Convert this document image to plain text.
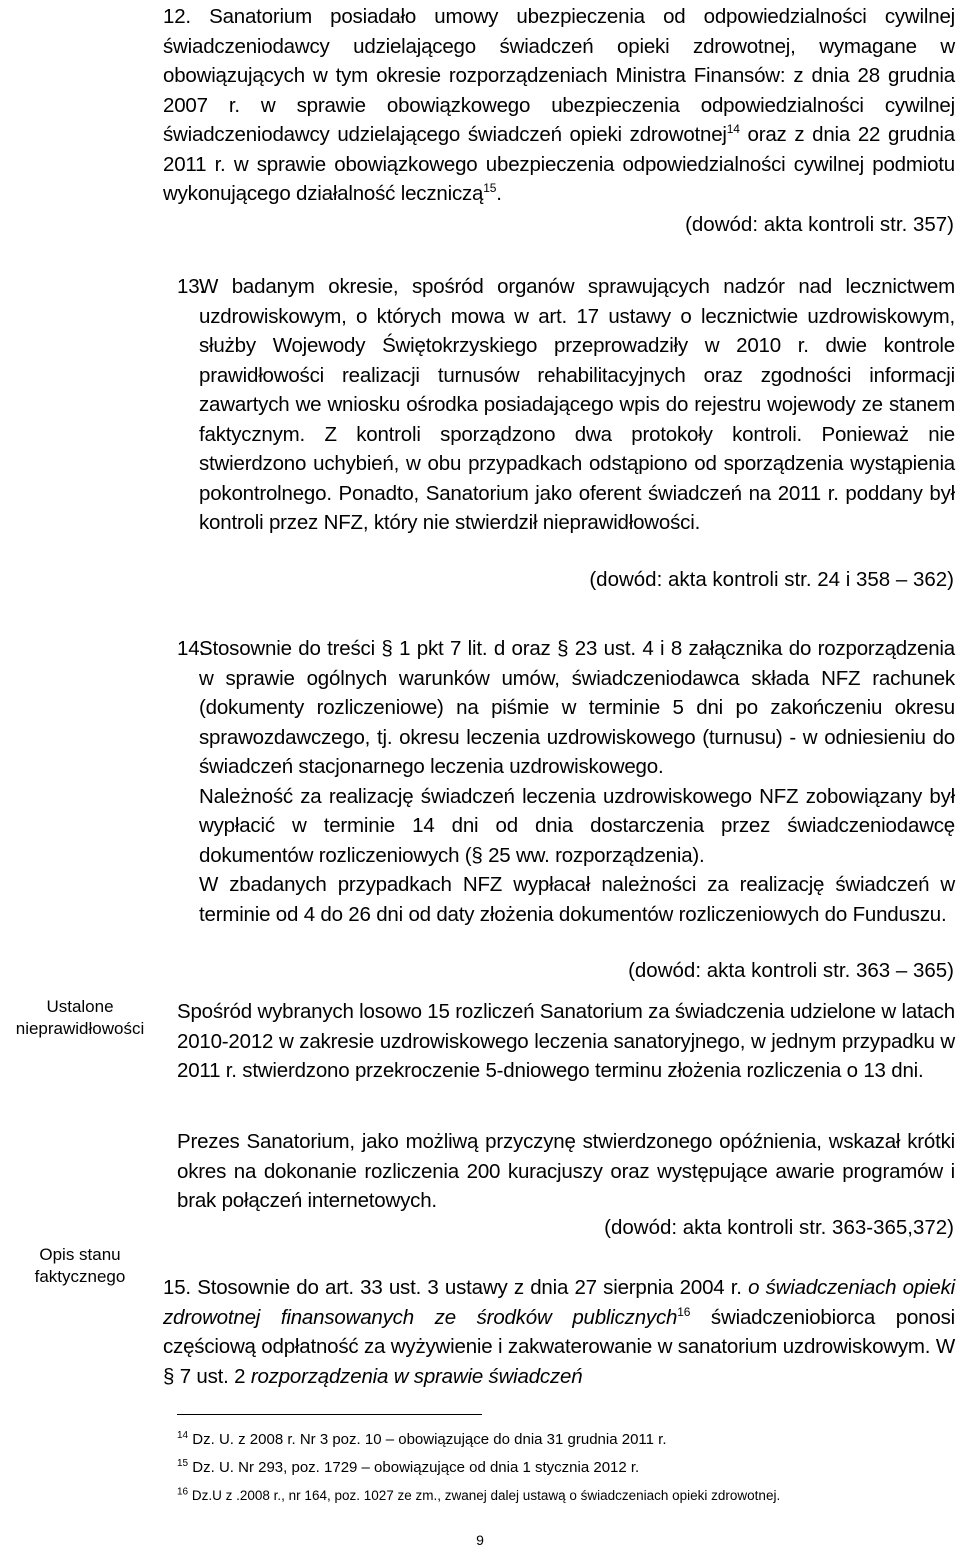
12. Sanatorium posiadało umowy ubezpieczenia od odpowiedzialności cywilnej świadczeniodawcy udzielającego świadczeń opieki zdrowotnej, wymagane w obowiązujących w tym okresie rozporządzeniach Ministra Finansów: z dnia 28 grudnia 2007 r. w sprawie obowiązkowego ubezpieczenia odpowiedzialności cywilnej świadczeniodawcy udzielającego świadczeń opieki zdrowotnej$^{14}$ oraz z dnia 22 grudnia 2011 r. w sprawie obowiązkowego ubezpieczenia odpowiedzialności cywilnej podmiotu wykonującego działalność leczniczą$^{15}$.
(dowód: akta kontroli str. 357)
13.
W badanym okresie, spośród organów sprawujących nadzór nad lecznictwem uzdrowiskowym, o których mowa w art. 17 ustawy o lecznictwie uzdrowiskowym, służby Wojewody Świętokrzyskiego przeprowadziły w 2010 r. dwie kontrole prawidłowości realizacji turnusów rehabilitacyjnych oraz zgodności informacji zawartych we wniosku ośrodka posiadającego wpis do rejestru wojewody ze stanem faktycznym. Z kontroli sporządzono dwa protokoły kontroli. Ponieważ nie stwierdzono uchybień, w obu przypadkach odstąpiono od sporządzenia wystąpienia pokontrolnego. Ponadto, Sanatorium jako oferent świadczeń na 2011 r. poddany był kontroli przez NFZ, który nie stwierdził nieprawidłowości.
(dowód: akta kontroli str. 24 i 358 – 362)
14.
Stosownie do treści § 1 pkt 7 lit. d oraz § 23 ust. 4 i 8 załącznika do rozporządzenia w sprawie ogólnych warunków umów, świadczeniodawca składa NFZ rachunek (dokumenty rozliczeniowe) na piśmie w terminie 5 dni po zakończeniu okresu sprawozdawczego, tj. okresu leczenia uzdrowiskowego (turnusu) - w odniesieniu do świadczeń stacjonarnego leczenia uzdrowiskowego.
Należność za realizację świadczeń leczenia uzdrowiskowego NFZ zobowiązany był wypłacić w terminie 14 dni od dnia dostarczenia przez świadczeniodawcę dokumentów rozliczeniowych (§ 25 ww. rozporządzenia).
W zbadanych przypadkach NFZ wypłacał należności za realizację świadczeń w terminie od 4 do 26 dni od daty złożenia dokumentów rozliczeniowych do Funduszu.
(dowód: akta kontroli str. 363 – 365)
Ustalone nieprawidłowości
Opis stanu faktycznego
Spośród wybranych losowo 15 rozliczeń Sanatorium za świadczenia udzielone w latach 2010-2012 w zakresie uzdrowiskowego leczenia sanatoryjnego, w jednym przypadku w 2011 r. stwierdzono przekroczenie 5-dniowego terminu złożenia rozliczenia o 13 dni.
Prezes Sanatorium, jako możliwą przyczynę stwierdzonego opóźnienia, wskazał krótki okres na dokonanie rozliczenia 200 kuracjuszy oraz występujące awarie programów i brak połączeń internetowych.
(dowód: akta kontroli str. 363-365,372)
15. Stosownie do art. 33 ust. 3 ustawy z dnia 27 sierpnia 2004 r. o świadczeniach opieki zdrowotnej finansowanych ze środków publicznych$^{16}$ świadczeniobiorca ponosi częściową odpłatność za wyżywienie i zakwaterowanie w sanatorium uzdrowiskowym. W § 7 ust. 2 rozporządzenia w sprawie świadczeń
$^{14}$ Dz. U. z 2008 r. Nr 3 poz. 10 – obowiązujące do dnia 31 grudnia 2011 r.
$^{15}$ Dz. U. Nr 293, poz. 1729 – obowiązujące od dnia 1 stycznia 2012 r.
$^{16}$ Dz.U z .2008 r., nr 164, poz. 1027 ze zm., zwanej dalej ustawą o świadczeniach opieki zdrowotnej.
9
